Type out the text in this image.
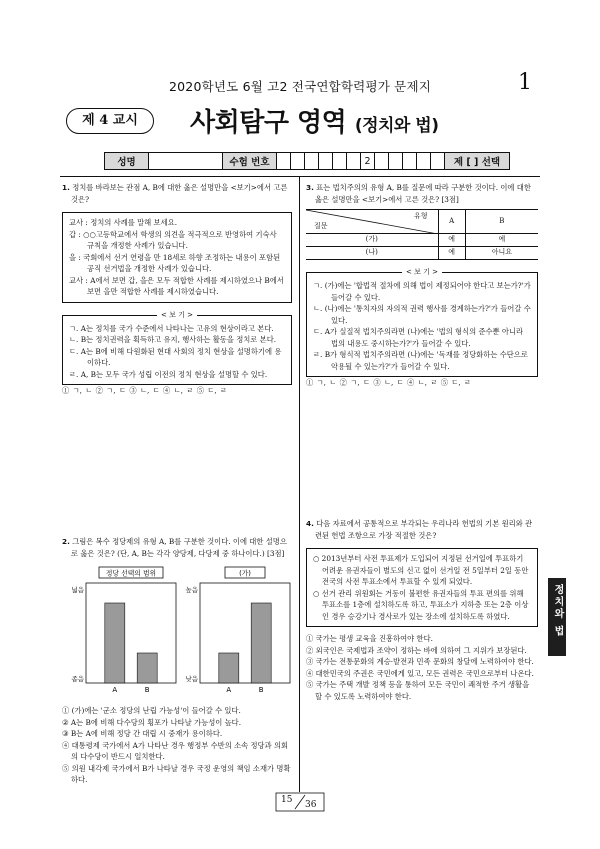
2020학년도 6월 고2 전국연합학력평가 문제지	1
제 4 교시	사회탐구 영역 (정치와 법)
성명	수험 번호	2	제 [ ] 선택

1. 정치를 바라보는 관점 A, B에 대한 옳은 설명만을 <보기>에서 고른 것은?

교사 : 정치의 사례를 말해 보세요.

갑 : ○○고등학교에서 학생의 의견을 적극적으로 반영하여 기숙사 규칙을 개정한 사례가 있습니다.

을 : 국회에서 선거 연령을 만 18세로 하향 조정하는 내용이 포함된 공직 선거법을 개정한 사례가 있습니다.

교사 : A에서 보면 갑, 을은 모두 적합한 사례를 제시하였으나 B에서 보면 을만 적합한 사례를 제시하였습니다.

< 보 기 >

ㄱ. A는 정치를 국가 수준에서 나타나는 고유의 현상이라고 본다.

ㄴ. B는 정치권력을 획득하고 유지, 행사하는 활동을 정치로 본다.

ㄷ. A는 B에 비해 다원화된 현대 사회의 정치 현상을 설명하기에 용이하다.

ㄹ. A, B는 모두 국가 성립 이전의 정치 현상을 설명할 수 있다.

① ㄱ, ㄴ ② ㄱ, ㄷ ③ ㄴ, ㄷ ④ ㄴ, ㄹ ⑤ ㄷ, ㄹ

2. 그림은 복수 정당제의 유형 A, B를 구분한 것이다. 이에 대한 설명으로 옳은 것은? (단, A, B는 각각 양당제, 다당제 중 하나이다.) [3점]

정당 선택의 범위
좁음
넓음
A	B
(가)
낮음
높음
A	B

① (가)에는 '군소 정당의 난립 가능성'이 들어갈 수 있다.

② A는 B에 비해 다수당의 횡포가 나타날 가능성이 높다.

③ B는 A에 비해 정당 간 대립 시 중재가 용이하다.

④ 대통령제 국가에서 A가 나타난 경우 행정부 수반의 소속 정당과 의회의 다수당이 반드시 일치한다.

⑤ 의원 내각제 국가에서 B가 나타날 경우 국정 운영의 책임 소재가 명확하다.

3. 표는 법치주의의 유형 A, B를 질문에 따라 구분한 것이다. 이에 대한 옳은 설명만을 <보기>에서 고른 것은? [3점]

유형
질문	A	B
(가)	예	예
(나)	예	아니요
< 보 기 >

ㄱ. (가)에는 '합법적 절차에 의해 법이 제정되어야 한다고 보는가?'가 들어갈 수 있다.

ㄴ. (나)에는 '통치자의 자의적 권력 행사를 경계하는가?'가 들어갈 수 있다.

ㄷ. A가 실질적 법치주의라면 (나)에는 '법의 형식의 준수뿐 아니라 법의 내용도 중시하는가?'가 들어갈 수 있다.

ㄹ. B가 형식적 법치주의라면 (나)에는 '독재를 정당화하는 수단으로 악용될 수 있는가?'가 들어갈 수 있다.

① ㄱ, ㄴ ② ㄱ, ㄷ ③ ㄴ, ㄷ ④ ㄴ, ㄹ ⑤ ㄷ, ㄹ

4. 다음 자료에서 공통적으로 부각되는 우리나라 헌법의 기본 원리와 관련된 헌법 조항으로 가장 적절한 것은?

○ 2013년부터 사전 투표제가 도입되어 지정된 선거일에 투표하기 어려운 유권자들이 별도의 신고 없이 선거일 전 5일부터 2일 동안 전국의 사전 투표소에서 투표할 수 있게 되었다.

○ 선거 관리 위원회는 거동이 불편한 유권자들의 투표 편의를 위해 투표소를 1층에 설치하도록 하고, 투표소가 지하층 또는 2층 이상인 경우 승강기나 경사로가 있는 장소에 설치하도록 하였다.

① 국가는 평생 교육을 진흥하여야 한다.

② 외국인은 국제법과 조약이 정하는 바에 의하여 그 지위가 보장된다.

③ 국가는 전통문화의 계승·발전과 민족 문화의 창달에 노력하여야 한다.

④ 대한민국의 주권은 국민에게 있고, 모든 권력은 국민으로부터 나온다.

⑤ 국가는 주택 개발 정책 등을 통하여 모든 국민이 쾌적한 주거 생활을 할 수 있도록 노력하여야 한다.

정치와 법
15 36
